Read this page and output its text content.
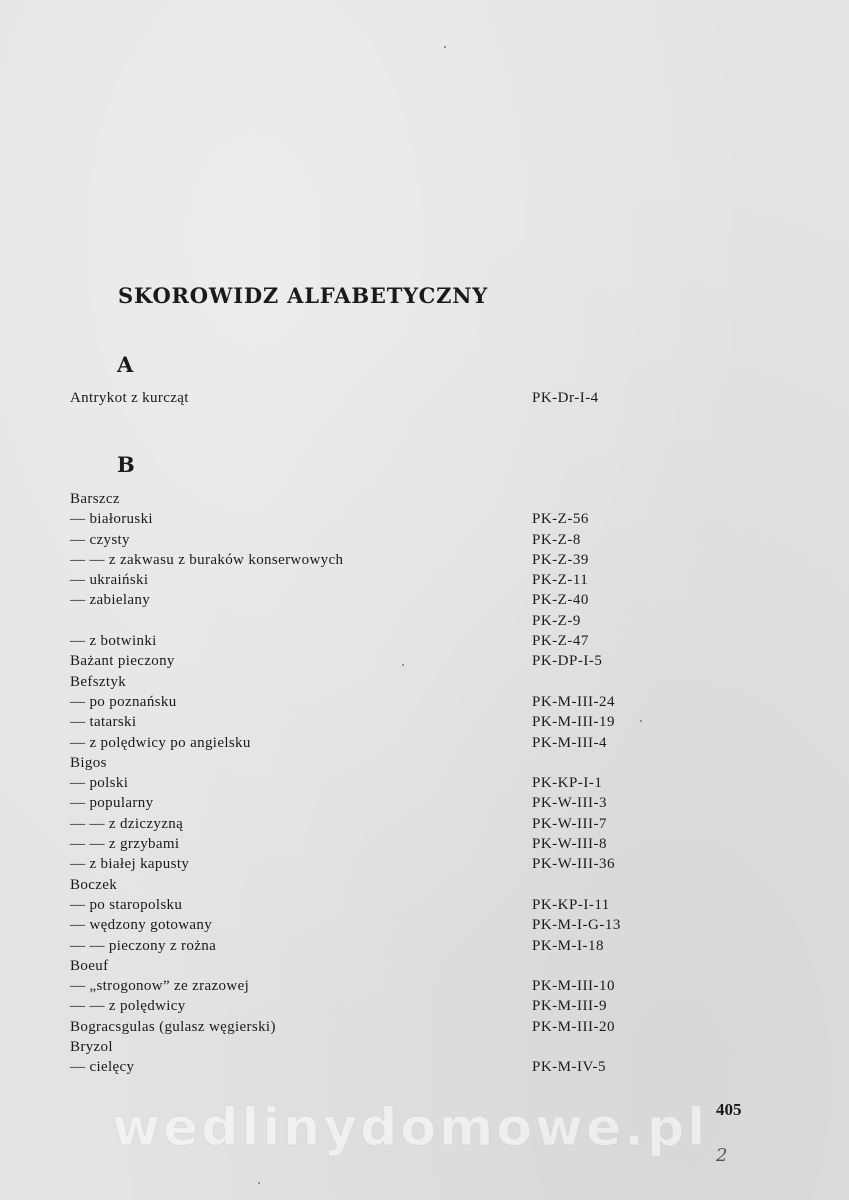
wedlinydomowe.pl
SKOROWIDZ ALFABETYCZNY
A
Antrykot z kurcząt	PK-Dr-I-4
B
Barszcz
— białoruski	PK-Z-56
— czysty	PK-Z-8
— — z zakwasu z buraków konserwowych	PK-Z-39
— ukraiński	PK-Z-11
— zabielany	PK-Z-40
PK-Z-9
— z botwinki	PK-Z-47
Bażant pieczony	PK-DP-I-5
Befsztyk
— po poznańsku	PK-M-III-24
— tatarski	PK-M-III-19
— z polędwicy po angielsku	PK-M-III-4
Bigos
— polski	PK-KP-I-1
— popularny	PK-W-III-3
— — z dziczyzną	PK-W-III-7
— — z grzybami	PK-W-III-8
— z białej kapusty	PK-W-III-36
Boczek
— po staropolsku	PK-KP-I-11
— wędzony gotowany	PK-M-I-G-13
— — pieczony z rożna	PK-M-I-18
Boeuf
— „strogonow” ze zrazowej	PK-M-III-10
— — z polędwicy	PK-M-III-9
Bogracsgulas (gulasz węgierski)	PK-M-III-20
Bryzol
— cielęcy	PK-M-IV-5
405
2
